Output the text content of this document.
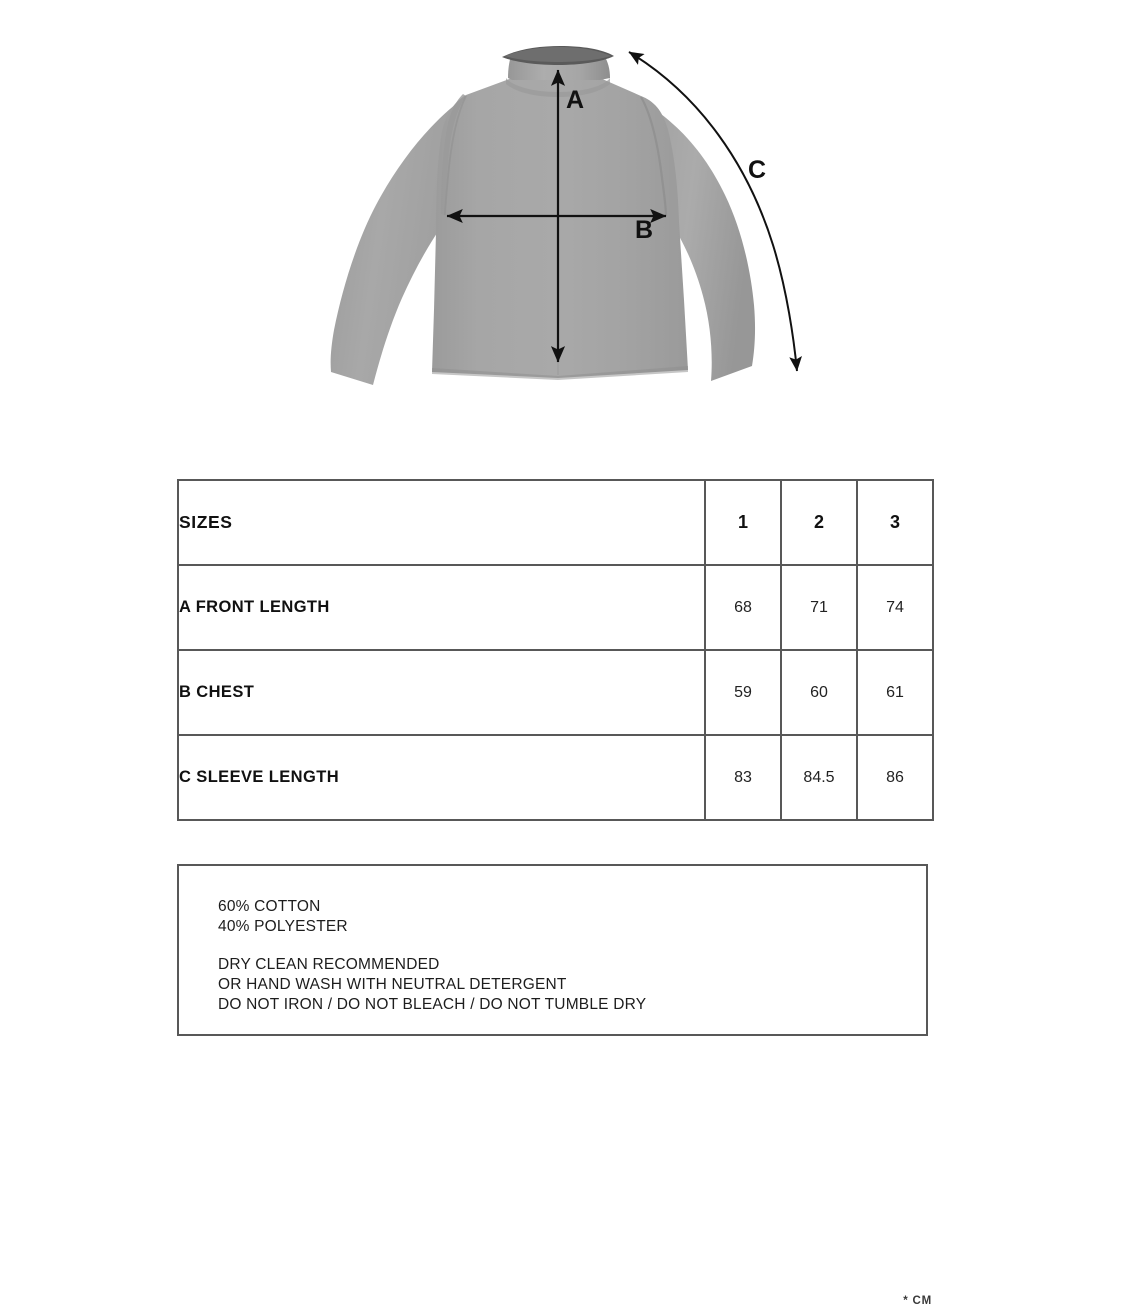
A
B
C
SIZES	1	2	3
A FRONT LENGTH	68	71	74
B CHEST	59	60	61
C SLEEVE LENGTH	83	84.5	86
* CM
60% COTTON
40% POLYESTER
DRY CLEAN RECOMMENDED
OR HAND WASH WITH NEUTRAL DETERGENT
DO NOT IRON / DO NOT BLEACH / DO NOT TUMBLE DRY
